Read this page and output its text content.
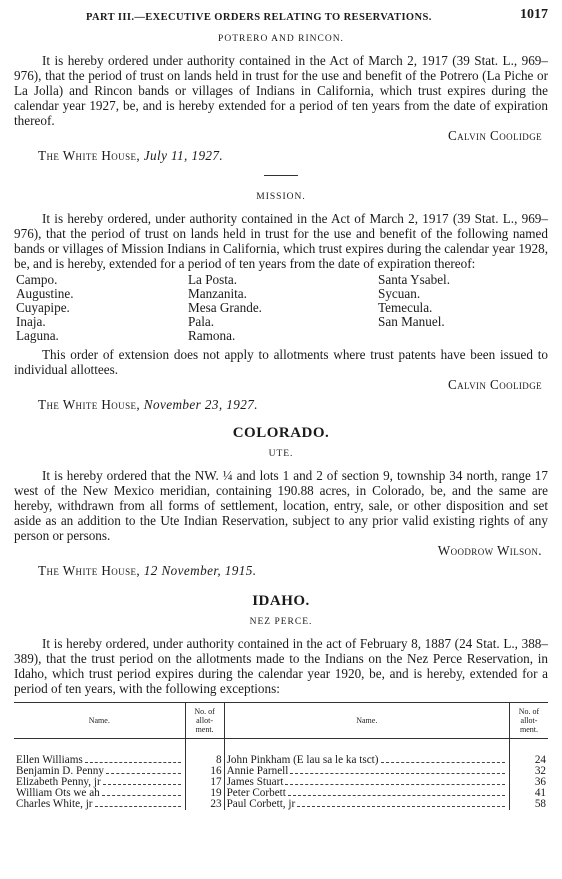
PART III.—EXECUTIVE ORDERS RELATING TO RESERVATIONS.	1017
POTRERO AND RINCON.

It is hereby ordered under authority contained in the Act of March 2, 1917 (39 Stat. L., 969–976), that the period of trust on lands held in trust for the use and benefit of the Potrero (La Piche or La Jolla) and Rincon bands or villages of Indians in California, which trust expires during the calendar year 1927, be, and is hereby extended for a period of ten years from the date of expiration thereof.

Calvin Coolidge
The White House, July 11, 1927.
MISSION.

It is hereby ordered, under authority contained in the Act of March 2, 1917 (39 Stat. L., 969–976), that the period of trust on lands held in trust for the use and benefit of the following named bands or villages of Mission Indians in California, which trust expires during the calendar year 1928, be, and is hereby, extended for a period of ten years from the date of expiration thereof:

Campo.	La Posta.	Santa Ysabel.
Augustine.	Manzanita.	Sycuan.
Cuyapipe.	Mesa Grande.	Temecula.
Inaja.	Pala.	San Manuel.
Laguna.	Ramona.

This order of extension does not apply to allotments where trust patents have been issued to individual allottees.

Calvin Coolidge
The White House, November 23, 1927.
COLORADO.
UTE.

It is hereby ordered that the NW. ¼ and lots 1 and 2 of section 9, township 34 north, range 17 west of the New Mexico meridian, containing 190.88 acres, in Colorado, be, and the same are hereby, withdrawn from all forms of settlement, location, entry, sale, or other disposition and set aside as an addition to the Ute Indian Reservation, subject to any prior valid existing rights of any person or persons.

Woodrow Wilson.
The White House, 12 November, 1915.
IDAHO.
NEZ PERCE.

It is hereby ordered, under authority contained in the act of February 8, 1887 (24 Stat. L., 388–389), that the trust period on the allotments made to the Indians on the Nez Perce Reservation, in Idaho, which trust period expires during the calendar year 1920, be, and is hereby, extended for a period of ten years, with the following exceptions:

Name.	No. of allot-ment.	Name.	No. of allot-ment.

Ellen Williams	8	John Pinkham (E lau sa le ka tsct)	24

Benjamin D. Penny	16	Annie Parnell	32

Elizabeth Penny, jr	17	James Stuart	36

William Ots we ah	19	Peter Corbett	41

Charles White, jr	23	Paul Corbett, jr	58
